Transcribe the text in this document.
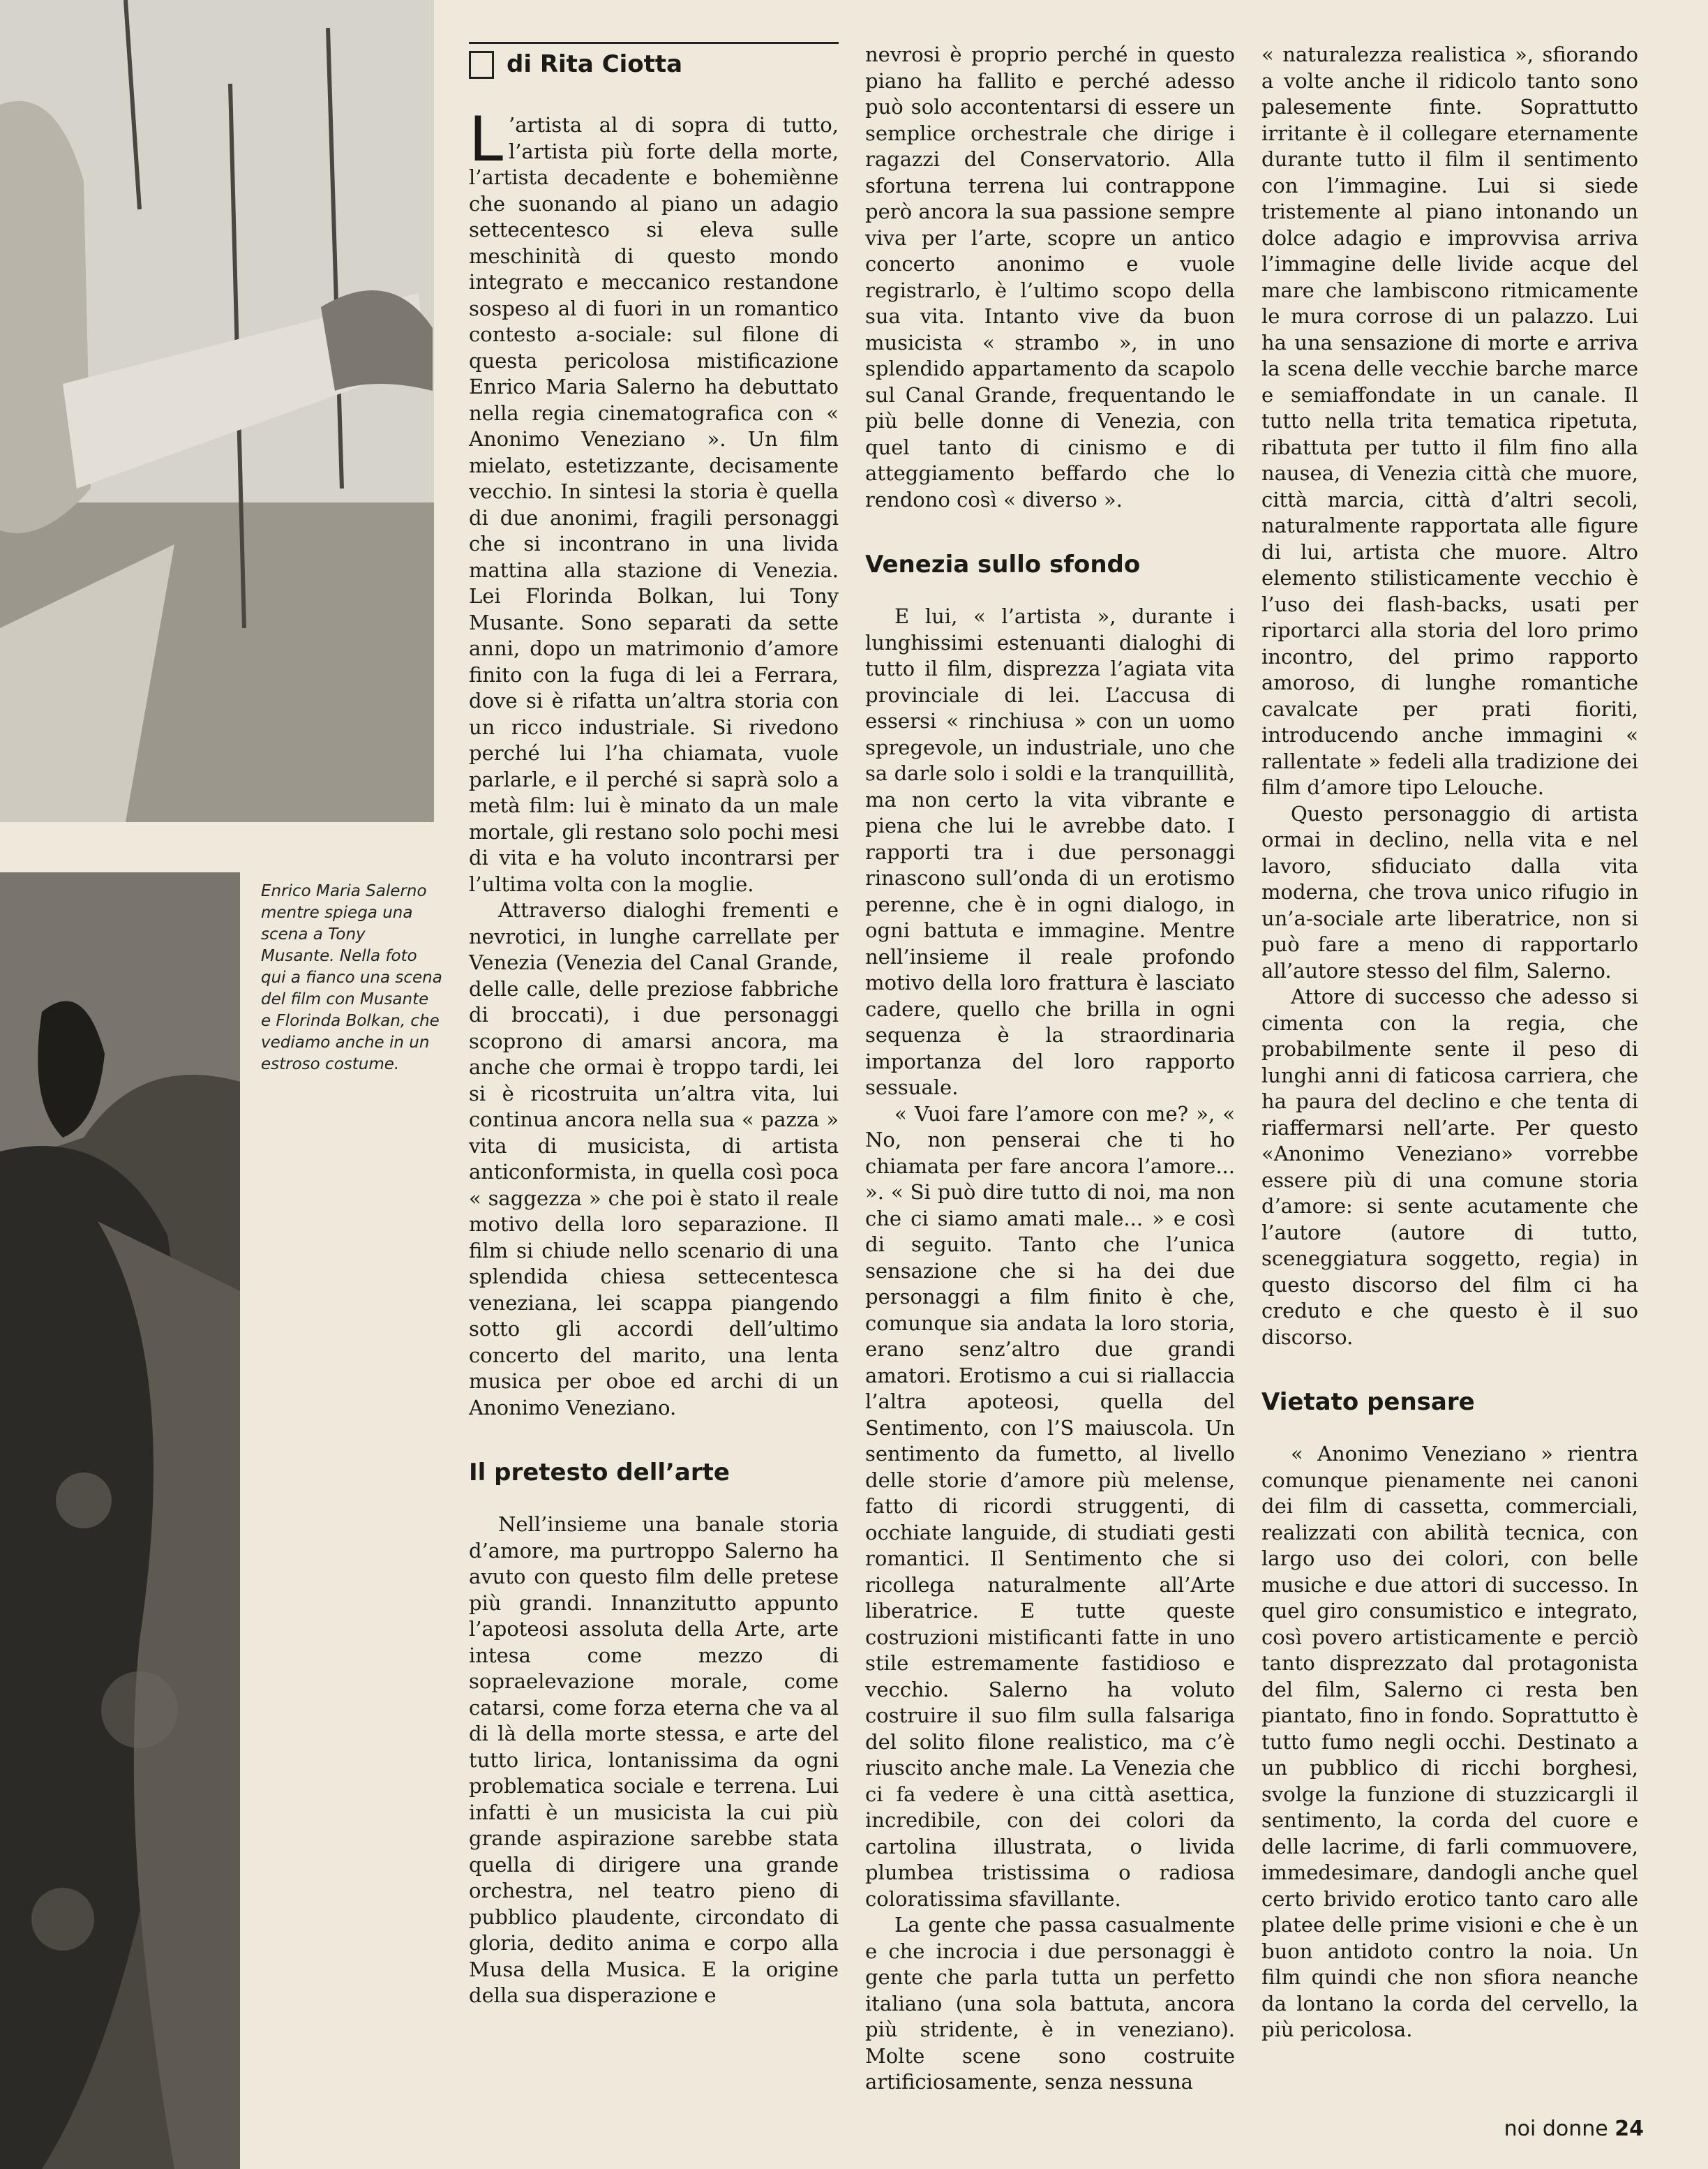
Enrico Maria Salerno mentre spiega una scena a Tony Musante. Nella foto qui a fianco una scena del film con Musante e Florinda Bolkan, che vediamo anche in un estroso costume.
di Rita Ciotta

L ’artista al di sopra di tutto, l’artista più forte della morte, l’artista decadente e bohemiènne che suonando al piano un adagio settecentesco si eleva sulle meschinità di questo mondo integrato e meccanico restandone sospeso al di fuori in un romantico contesto a-sociale: sul filone di questa pericolosa mistificazione Enrico Maria Salerno ha debuttato nella regia cinematografica con « Anonimo Veneziano ». Un film mielato, estetizzante, decisamente vecchio. In sintesi la storia è quella di due anonimi, fragili personaggi che si incontrano in una livida mattina alla stazione di Venezia. Lei Florinda Bolkan, lui Tony Musante. Sono separati da sette anni, dopo un matrimonio d’amore finito con la fuga di lei a Ferrara, dove si è rifatta un’altra storia con un ricco industriale. Si rivedono perché lui l’ha chiamata, vuole parlarle, e il perché si saprà solo a metà film: lui è minato da un male mortale, gli restano solo pochi mesi di vita e ha voluto incontrarsi per l’ultima volta con la moglie.

Attraverso dialoghi frementi e nevrotici, in lunghe carrellate per Venezia (Venezia del Canal Grande, delle calle, delle preziose fabbriche di broccati), i due personaggi scoprono di amarsi ancora, ma anche che ormai è troppo tardi, lei si è ricostruita un’altra vita, lui continua ancora nella sua « pazza » vita di musicista, di artista anticonformista, in quella così poca « saggezza » che poi è stato il reale motivo della loro separazione. Il film si chiude nello scenario di una splendida chiesa settecentesca veneziana, lei scappa piangendo sotto gli accordi dell’ultimo concerto del marito, una lenta musica per oboe ed archi di un Anonimo Veneziano.

Il pretesto dell’arte

Nell’insieme una banale storia d’amore, ma purtroppo Salerno ha avuto con questo film delle pretese più grandi. Innanzitutto appunto l’apoteosi assoluta della Arte, arte intesa come mezzo di sopraelevazione morale, come catarsi, come forza eterna che va al di là della morte stessa, e arte del tutto lirica, lontanissima da ogni problematica sociale e terrena. Lui infatti è un musicista la cui più grande aspirazione sarebbe stata quella di dirigere una grande orchestra, nel teatro pieno di pubblico plaudente, circondato di gloria, dedito anima e corpo alla Musa della Musica. E la origine della sua disperazione e

nevrosi è proprio perché in questo piano ha fallito e perché adesso può solo accontentarsi di essere un semplice orchestrale che dirige i ragazzi del Conservatorio. Alla sfortuna terrena lui contrappone però ancora la sua passione sempre viva per l’arte, scopre un antico concerto anonimo e vuole registrarlo, è l’ultimo scopo della sua vita. Intanto vive da buon musicista « strambo », in uno splendido appartamento da scapolo sul Canal Grande, frequentando le più belle donne di Venezia, con quel tanto di cinismo e di atteggiamento beffardo che lo rendono così « diverso ».

Venezia sullo sfondo

E lui, « l’artista », durante i lunghissimi estenuanti dialoghi di tutto il film, disprezza l’agiata vita provinciale di lei. L’accusa di essersi « rinchiusa » con un uomo spregevole, un industriale, uno che sa darle solo i soldi e la tranquillità, ma non certo la vita vibrante e piena che lui le avrebbe dato. I rapporti tra i due personaggi rinascono sull’onda di un erotismo perenne, che è in ogni dialogo, in ogni battuta e immagine. Mentre nell’insieme il reale profondo motivo della loro frattura è lasciato cadere, quello che brilla in ogni sequenza è la straordinaria importanza del loro rapporto sessuale.

« Vuoi fare l’amore con me? », « No, non penserai che ti ho chiamata per fare ancora l’amore... ». « Si può dire tutto di noi, ma non che ci siamo amati male... » e così di seguito. Tanto che l’unica sensazione che si ha dei due personaggi a film finito è che, comunque sia andata la loro storia, erano senz’altro due grandi amatori. Erotismo a cui si riallaccia l’altra apoteosi, quella del Sentimento, con l’S maiuscola. Un sentimento da fumetto, al livello delle storie d’amore più melense, fatto di ricordi struggenti, di occhiate languide, di studiati gesti romantici. Il Sentimento che si ricollega naturalmente all’Arte liberatrice. E tutte queste costruzioni mistificanti fatte in uno stile estremamente fastidioso e vecchio. Salerno ha voluto costruire il suo film sulla falsariga del solito filone realistico, ma c’è riuscito anche male. La Venezia che ci fa vedere è una città asettica, incredibile, con dei colori da cartolina illustrata, o livida plumbea tristissima o radiosa coloratissima sfavillante.

La gente che passa casualmente e che incrocia i due personaggi è gente che parla tutta un perfetto italiano (una sola battuta, ancora più stridente, è in veneziano). Molte scene sono costruite artificiosamente, senza nessuna

« naturalezza realistica », sfiorando a volte anche il ridicolo tanto sono palesemente finte. Soprattutto irritante è il collegare eternamente durante tutto il film il sentimento con l’immagine. Lui si siede tristemente al piano intonando un dolce adagio e improvvisa arriva l’immagine delle livide acque del mare che lambiscono ritmicamente le mura corrose di un palazzo. Lui ha una sensazione di morte e arriva la scena delle vecchie barche marce e semiaffondate in un canale. Il tutto nella trita tematica ripetuta, ribattuta per tutto il film fino alla nausea, di Venezia città che muore, città marcia, città d’altri secoli, naturalmente rapportata alle figure di lui, artista che muore. Altro elemento stilisticamente vecchio è l’uso dei flash-backs, usati per riportarci alla storia del loro primo incontro, del primo rapporto amoroso, di lunghe romantiche cavalcate per prati fioriti, introducendo anche immagini « rallentate » fedeli alla tradizione dei film d’amore tipo Lelouche.

Questo personaggio di artista ormai in declino, nella vita e nel lavoro, sfiduciato dalla vita moderna, che trova unico rifugio in un’a-sociale arte liberatrice, non si può fare a meno di rapportarlo all’autore stesso del film, Salerno.

Attore di successo che adesso si cimenta con la regia, che probabilmente sente il peso di lunghi anni di faticosa carriera, che ha paura del declino e che tenta di riaffermarsi nell’arte. Per questo «Anonimo Veneziano» vorrebbe essere più di una comune storia d’amore: si sente acutamente che l’autore (autore di tutto, sceneggiatura soggetto, regia) in questo discorso del film ci ha creduto e che questo è il suo discorso.

Vietato pensare

« Anonimo Veneziano » rientra comunque pienamente nei canoni dei film di cassetta, commerciali, realizzati con abilità tecnica, con largo uso dei colori, con belle musiche e due attori di successo. In quel giro consumistico e integrato, così povero artisticamente e perciò tanto disprezzato dal protagonista del film, Salerno ci resta ben piantato, fino in fondo. Soprattutto è tutto fumo negli occhi. Destinato a un pubblico di ricchi borghesi, svolge la funzione di stuzzicargli il sentimento, la corda del cuore e delle lacrime, di farli commuovere, immedesimare, dandogli anche quel certo brivido erotico tanto caro alle platee delle prime visioni e che è un buon antidoto contro la noia. Un film quindi che non sfiora neanche da lontano la corda del cervello, la più pericolosa.

noi donne 24
